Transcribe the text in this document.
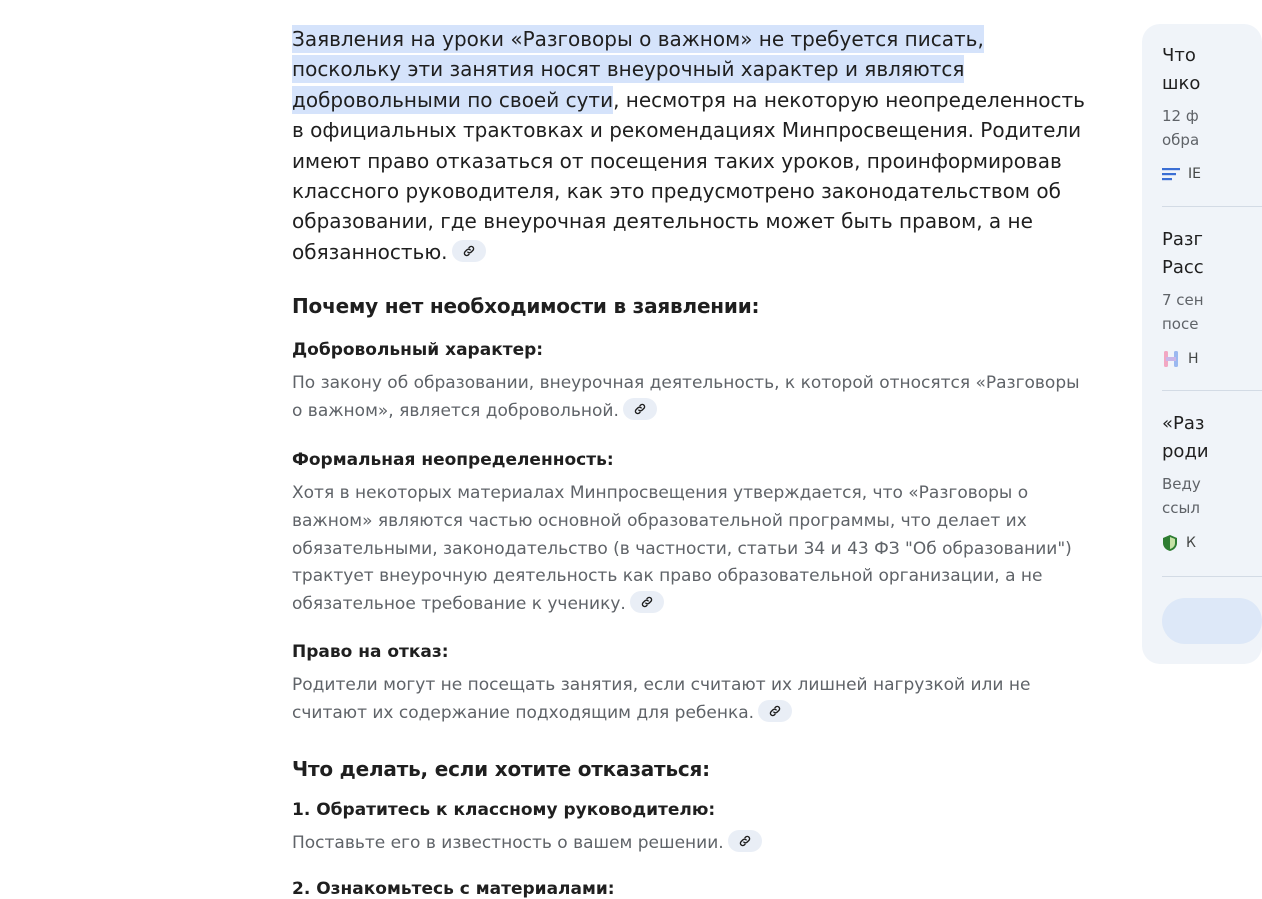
Заявления на уроки «Разговоры о важном» не требуется писать, поскольку эти занятия носят внеурочный характер и являются добровольными по своей сути, несмотря на некоторую неопределенность в официальных трактовках и рекомендациях Минпросвещения. Родители имеют право отказаться от посещения таких уроков, проинформировав классного руководителя, как это предусмотрено законодательством об образовании, где внеурочная деятельность может быть правом, а не обязанностью.
Почему нет необходимости в заявлении:
Добровольный характер:
По закону об образовании, внеурочная деятельность, к которой относятся «Разговоры о важном», является добровольной.
Формальная неопределенность:
Хотя в некоторых материалах Минпросвещения утверждается, что «Разговоры о важном» являются частью основной образовательной программы, что делает их обязательными, законодательство (в частности, статьи 34 и 43 ФЗ "Об образовании") трактует внеурочную деятельность как право образовательной организации, а не обязательное требование к ученику.
Право на отказ:
Родители могут не посещать занятия, если считают их лишней нагрузкой или не считают их содержание подходящим для ребенка.
Что делать, если хотите отказаться:
1. Обратитесь к классному руководителю:
Поставьте его в известность о вашем решении.
2. Ознакомьтесь с материалами:
Что
шко
12 ф
обра
IE
Разг
Расс
7 сен
посе
Н
«Раз
роди
Веду
ссыл
К
